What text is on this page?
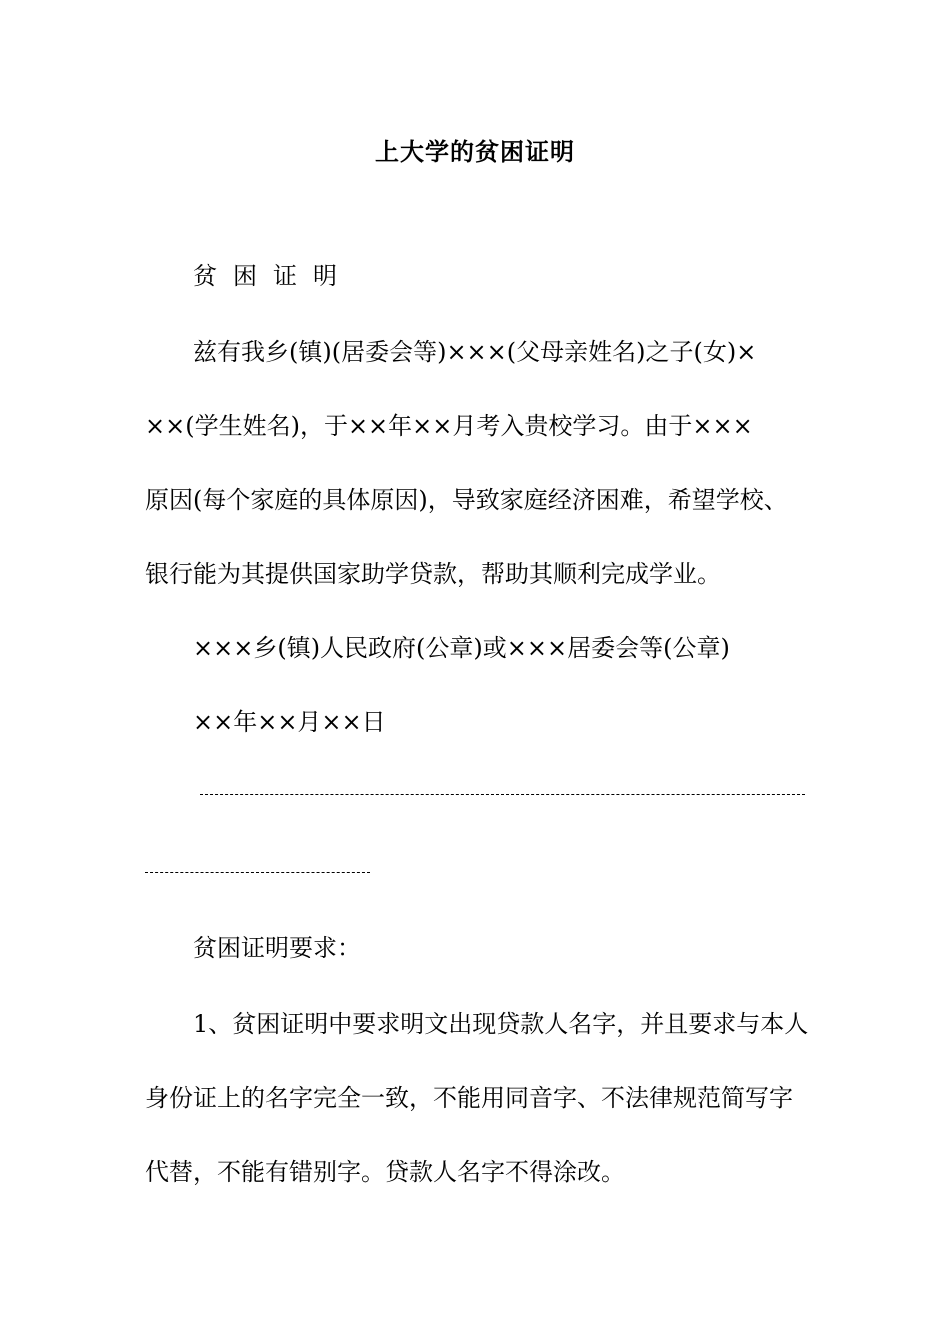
上大学的贫困证明
贫困证明
兹有我乡(镇)(居委会等)×××(父母亲姓名)之子(女)×
××(学生姓名)，于××年××月考入贵校学习。由于×××
原因(每个家庭的具体原因)，导致家庭经济困难，希望学校、
银行能为其提供国家助学贷款，帮助其顺利完成学业。
×××乡(镇)人民政府(公章)或×××居委会等(公章)
××年××月××日
贫困证明要求：
1、贫困证明中要求明文出现贷款人名字，并且要求与本人
身份证上的名字完全一致，不能用同音字、不法律规范简写字
代替，不能有错别字。贷款人名字不得涂改。
